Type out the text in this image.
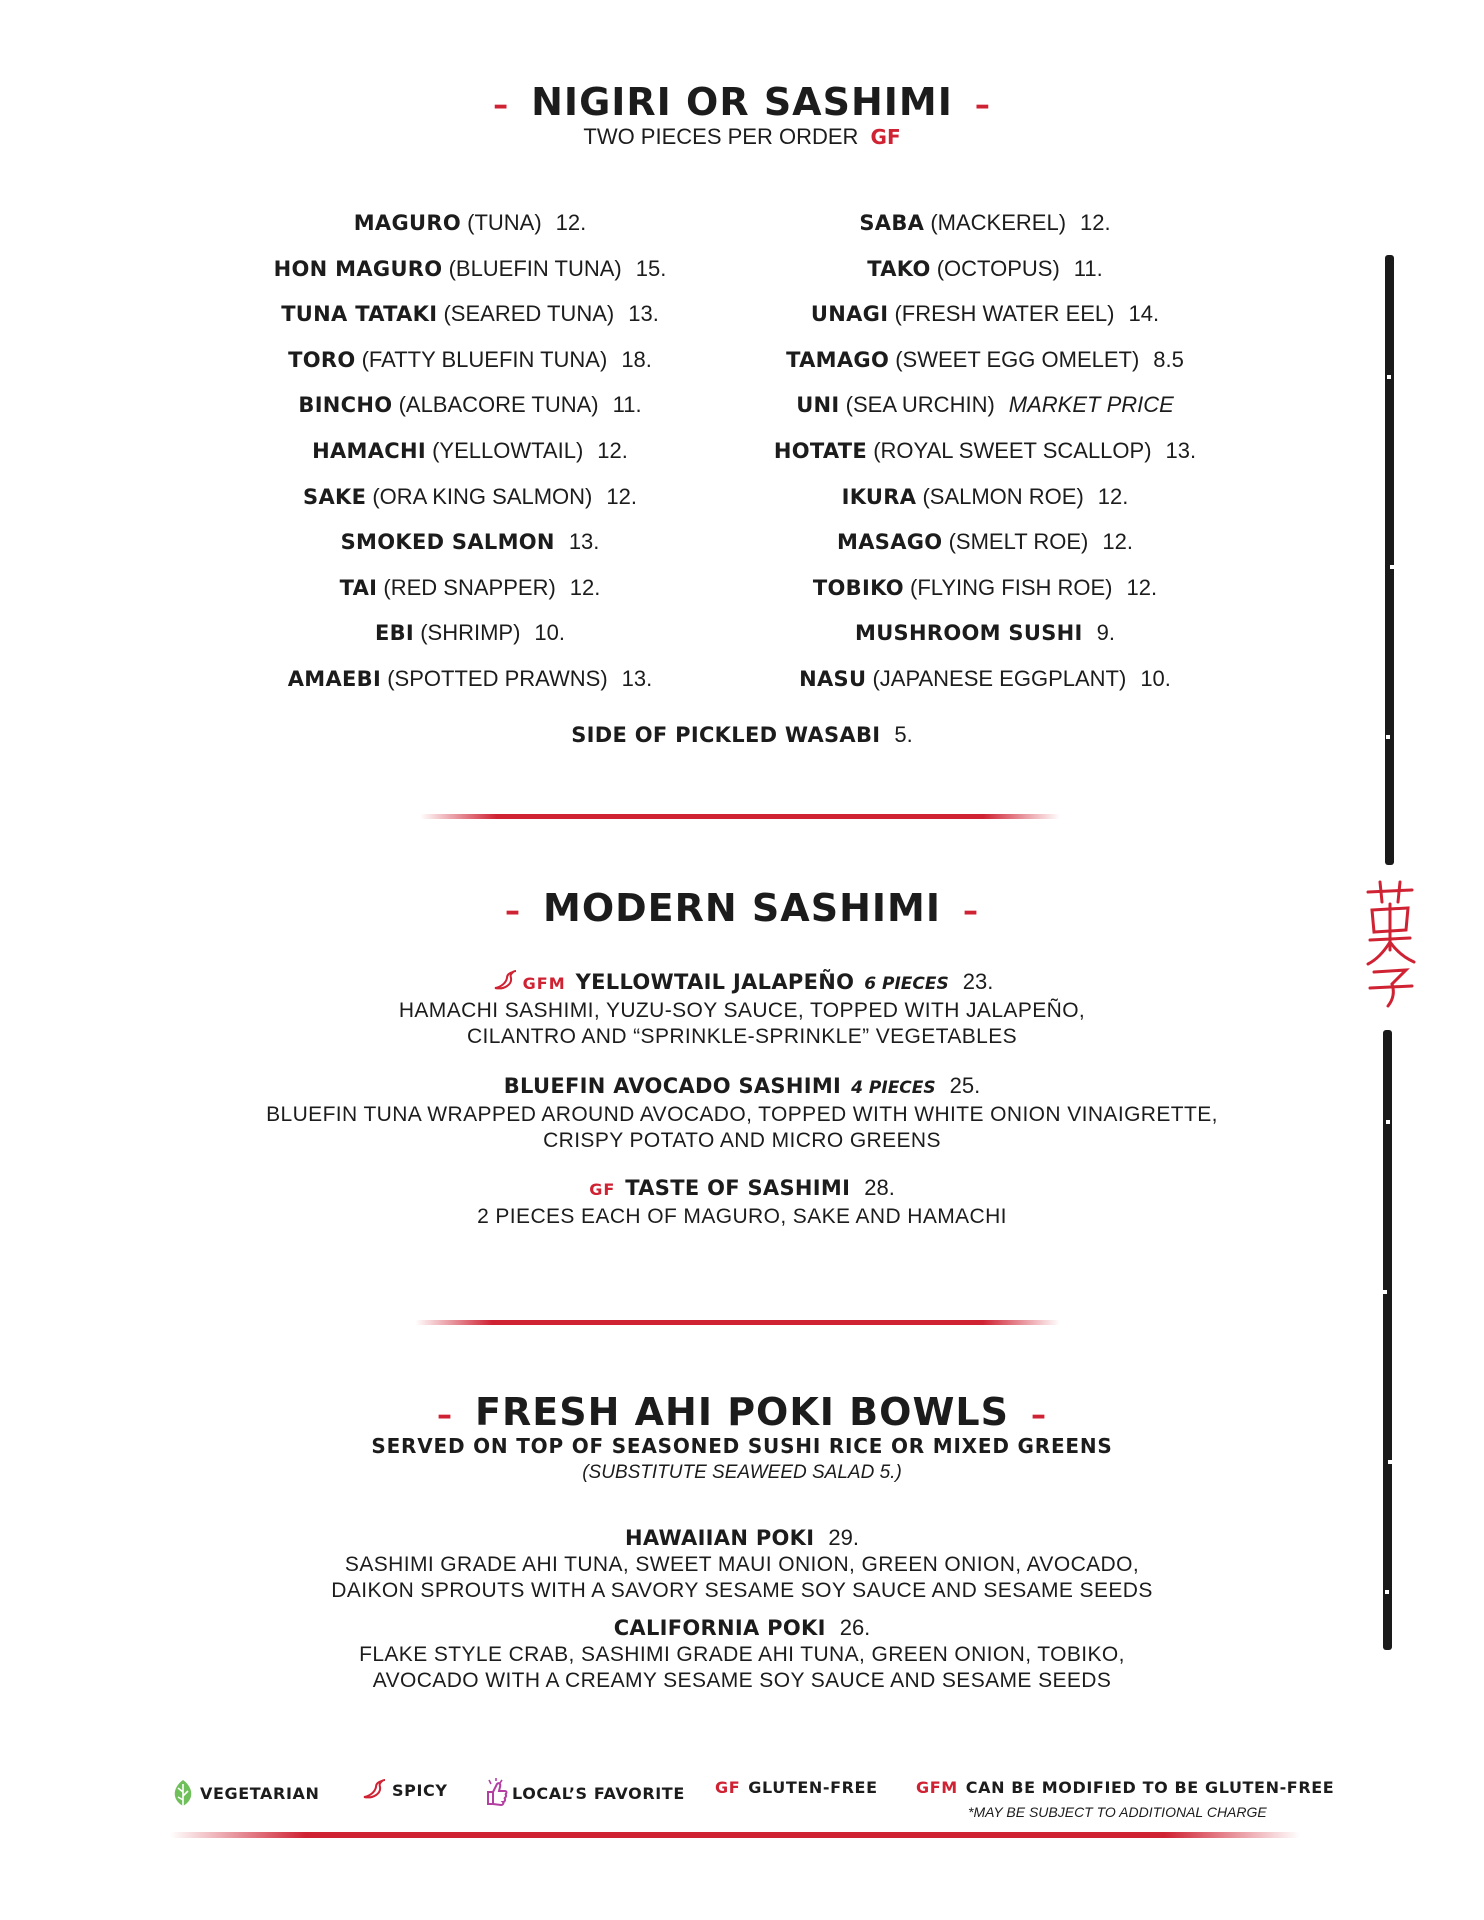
– NIGIRI OR SASHIMI –
TWO PIECES PER ORDER GF
MAGURO (TUNA) 12.
HON MAGURO (BLUEFIN TUNA) 15.
TUNA TATAKI (SEARED TUNA) 13.
TORO (FATTY BLUEFIN TUNA) 18.
BINCHO (ALBACORE TUNA) 11.
HAMACHI (YELLOWTAIL) 12.
SAKE (ORA KING SALMON) 12.
SMOKED SALMON 13.
TAI (RED SNAPPER) 12.
EBI (SHRIMP) 10.
AMAEBI (SPOTTED PRAWNS) 13.
SABA (MACKEREL) 12.
TAKO (OCTOPUS) 11.
UNAGI (FRESH WATER EEL) 14.
TAMAGO (SWEET EGG OMELET) 8.5
UNI (SEA URCHIN) MARKET PRICE
HOTATE (ROYAL SWEET SCALLOP) 13.
IKURA (SALMON ROE) 12.
MASAGO (SMELT ROE) 12.
TOBIKO (FLYING FISH ROE) 12.
MUSHROOM SUSHI 9.
NASU (JAPANESE EGGPLANT) 10.
SIDE OF PICKLED WASABI 5.
– MODERN SASHIMI –
GFM YELLOWTAIL JALAPEÑO 6 PIECES 23.
HAMACHI SASHIMI, YUZU-SOY SAUCE, TOPPED WITH JALAPEÑO,
CILANTRO AND “SPRINKLE-SPRINKLE” VEGETABLES
BLUEFIN AVOCADO SASHIMI 4 PIECES 25.
BLUEFIN TUNA WRAPPED AROUND AVOCADO, TOPPED WITH WHITE ONION VINAIGRETTE,
CRISPY POTATO AND MICRO GREENS
GF TASTE OF SASHIMI 28.
2 PIECES EACH OF MAGURO, SAKE AND HAMACHI
– FRESH AHI POKI BOWLS –
SERVED ON TOP OF SEASONED SUSHI RICE OR MIXED GREENS
(SUBSTITUTE SEAWEED SALAD 5.)
HAWAIIAN POKI 29.
SASHIMI GRADE AHI TUNA, SWEET MAUI ONION, GREEN ONION, AVOCADO,
DAIKON SPROUTS WITH A SAVORY SESAME SOY SAUCE AND SESAME SEEDS
CALIFORNIA POKI 26.
FLAKE STYLE CRAB, SASHIMI GRADE AHI TUNA, GREEN ONION, TOBIKO,
AVOCADO WITH A CREAMY SESAME SOY SAUCE AND SESAME SEEDS
VEGETARIAN	SPICY	LOCAL’S FAVORITE GF GLUTEN-FREE GFM CAN BE MODIFIED TO BE GLUTEN-FREE
*MAY BE SUBJECT TO ADDITIONAL CHARGE
